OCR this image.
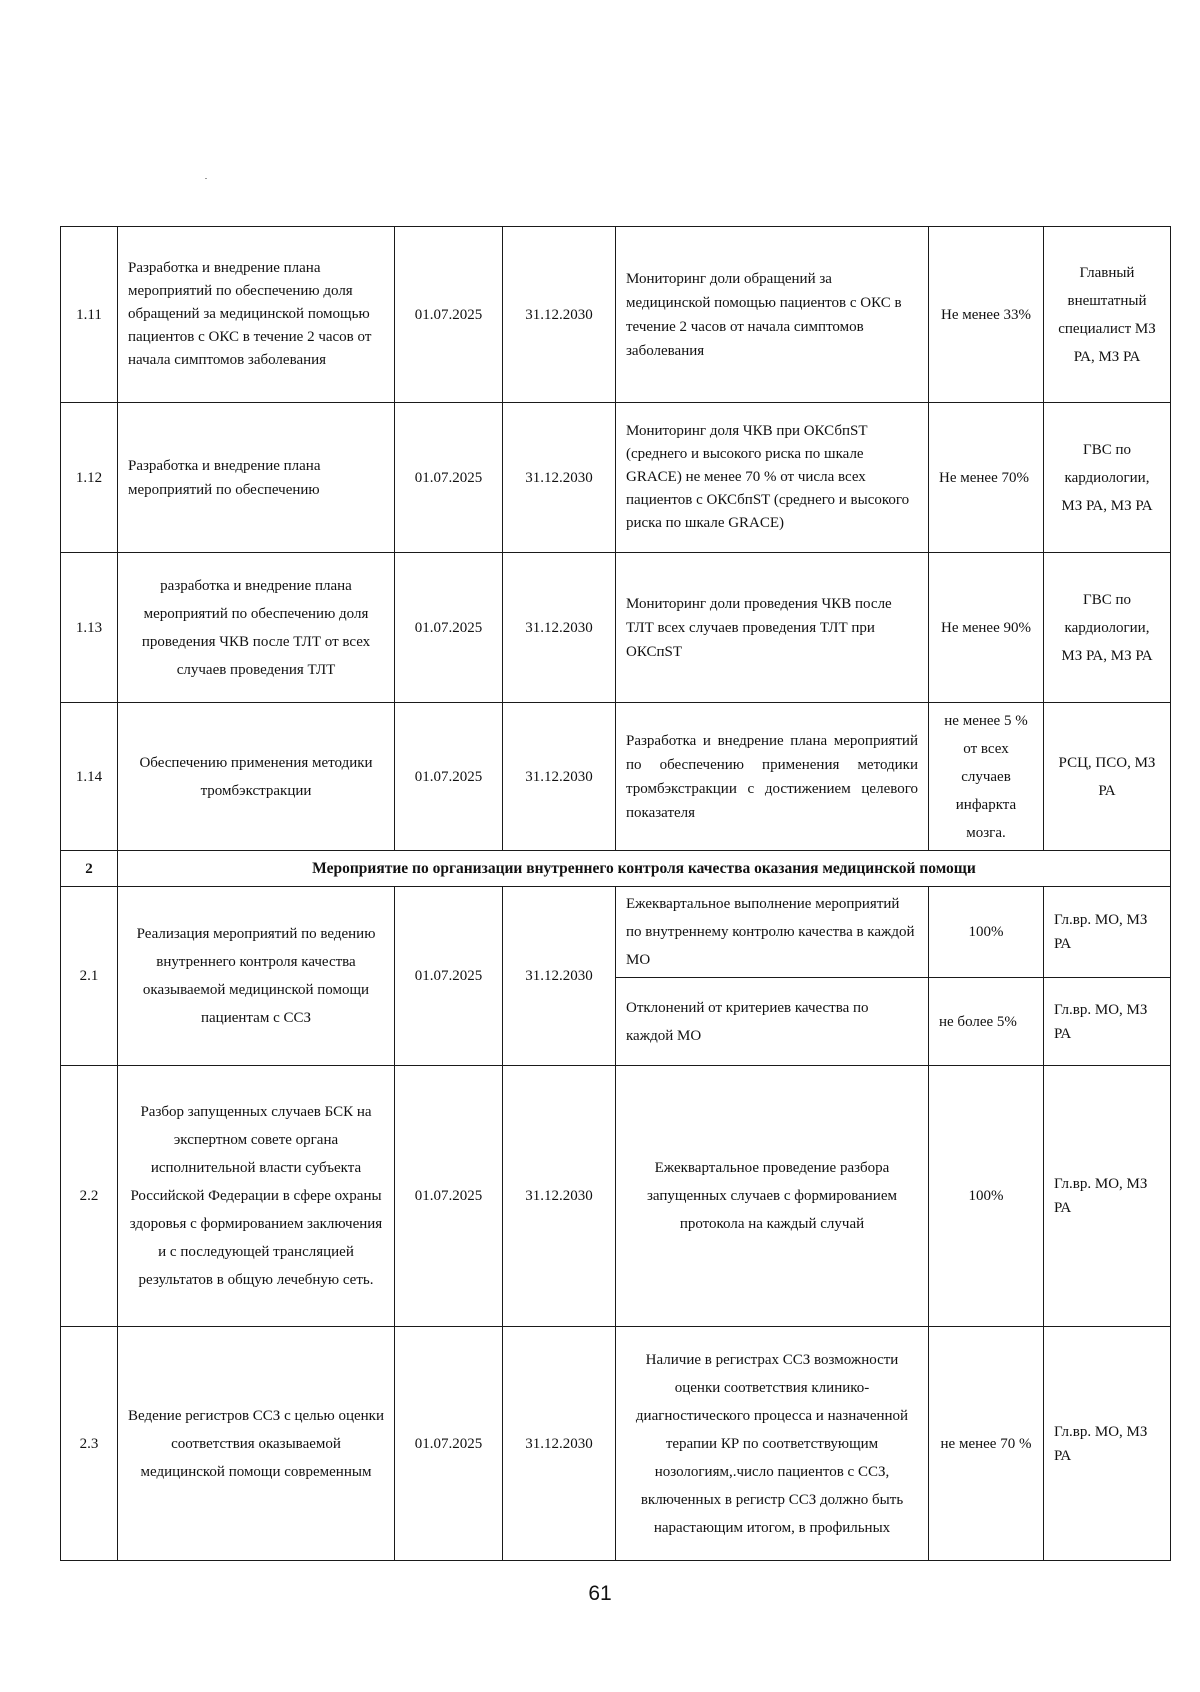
1.11	Разработка и внедрение плана мероприятий по обеспечению доля обращений за медицинской помощью пациентов с ОКС в течение 2 часов от начала симптомов заболевания	01.07.2025	31.12.2030	Мониторинг доли обращений за медицинской помощью пациентов с ОКС в течение 2 часов от начала симптомов заболевания	Не менее 33%	Главный внештатный специалист МЗ РА, МЗ РА
1.12	Разработка и внедрение плана мероприятий по обеспечению	01.07.2025	31.12.2030	Мониторинг доля ЧКВ при ОКСбпST (среднего и высокого риска по шкале GRACE) не менее 70 % от числа всех пациентов с ОКСбпST (среднего и высокого риска по шкале GRACE)	Не менее 70%	ГВС по кардиологии, МЗ РА, МЗ РА
1.13	разработка и внедрение плана мероприятий по обеспечению доля проведения ЧКВ после ТЛТ от всех случаев проведения ТЛТ	01.07.2025	31.12.2030	Мониторинг доли проведения ЧКВ после ТЛТ всех случаев проведения ТЛТ при ОКСпST	Не менее 90%	ГВС по кардиологии, МЗ РА, МЗ РА
1.14	Обеспечению применения методики тромбэкстракции	01.07.2025	31.12.2030	Разработка и внедрение плана мероприятий по обеспечению применения методики тромбэкстракции с достижением целевого показателя	не менее 5 % от всех случаев инфаркта мозга.	РСЦ, ПСО, МЗ РА
2	Мероприятие по организации внутреннего контроля качества оказания медицинской помощи					
2.1	Реализация мероприятий по ведению внутреннего контроля качества оказываемой медицинской помощи пациентам с ССЗ	01.07.2025	31.12.2030	Ежеквартальное выполнение мероприятий по внутреннему контролю качества в каждой МО	100%	Гл.вр. МО, МЗ РА
				Отклонений от критериев качества по каждой МО	не более 5%	Гл.вр. МО, МЗ РА
2.2	Разбор запущенных случаев БСК на экспертном совете органа исполнительной власти субъекта Российской Федерации в сфере охраны здоровья с формированием заключения и с последующей трансляцией результатов в общую лечебную сеть.	01.07.2025	31.12.2030	Ежеквартальное проведение разбора запущенных случаев с формированием протокола на каждый случай	100%	Гл.вр. МО, МЗ РА
2.3	Ведение регистров ССЗ с целью оценки соответствия оказываемой медицинской помощи современным	01.07.2025	31.12.2030	Наличие в регистрах ССЗ возможности оценки соответствия клинико-диагностического процесса и назначенной терапии КР по соответствующим нозологиям,.число пациентов с ССЗ, включенных в регистр ССЗ должно быть нарастающим итогом, в профильных	не менее 70 %	Гл.вр. МО, МЗ РА
61
